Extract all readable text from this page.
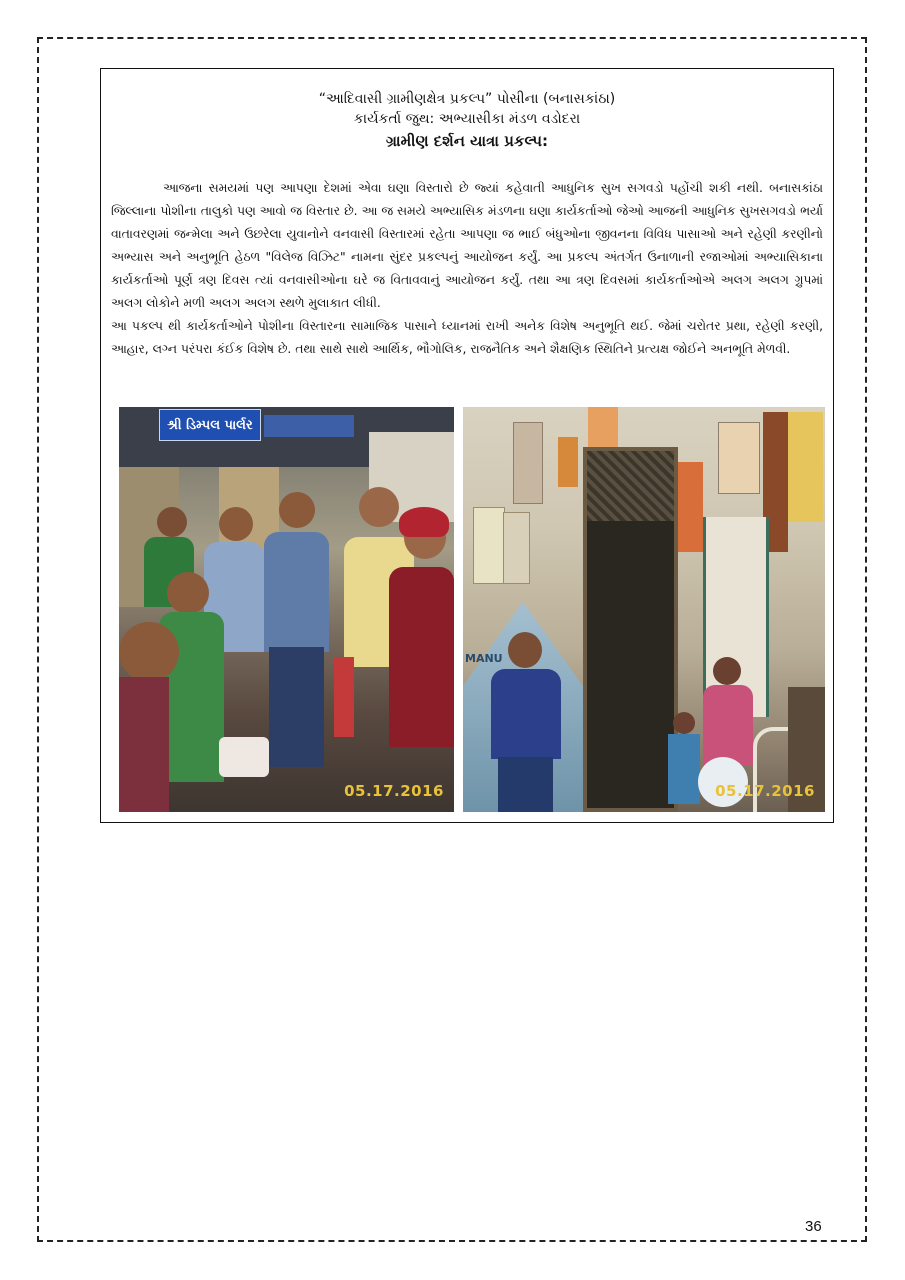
“આદિવાસી ગ્રામીણક્ષેત્ર પ્રકલ્પ” પોસીના (બનાસકાંઠા)
કાર્યકર્તા જુથ: અભ્યાસીકા મંડળ વડોદરા
ગ્રામીણ દર્શન યાત્રા પ્રકલ્પ:

આજના સમયમાં પણ આપણા દેશમાં એવા ઘણા વિસ્તારો છે જ્યાં કહેવાતી આધુનિક સુખ સગવડો પહોંચી શકી નથી. બનાસકાંઠા જિલ્લાના પોશીના તાલુકો પણ આવો જ વિસ્તાર છે. આ જ સમયે અભ્યાસિક મંડળના ઘણા કાર્યકર્તાઓ જેઓ આજની આધુનિક સુખસગવડો ભર્યા વાતાવરણમાં જન્મેલા અને ઉછરેલા યુવાનોને વનવાસી વિસ્તારમાં રહેતા આપણા જ ભાઈ બંધુઓના જીવનના વિવિધ પાસાઓ અને રહેણી કરણીનો અભ્યાસ અને અનુભૂતિ હેઠળ "વિલેજ વિઝિટ" નામના સુંદર પ્રકલ્પનું આયોજન કર્યું. આ પ્રકલ્પ અંતર્ગત ઉનાળાની રજાઓમાં અભ્યાસિકાના કાર્યકર્તાઓ પૂર્ણ ત્રણ દિવસ ત્યાં વનવાસીઓના ઘરે જ વિતાવવાનું આયોજન કર્યું. તથા આ ત્રણ દિવસમાં કાર્યકર્તાઓએ અલગ અલગ ગ્રુપમાં અલગ લોકોને મળી અલગ અલગ સ્થળે મુલાકાત લીધી.

આ પકલ્પ થી કાર્યકર્તાઓને પોશીના વિસ્તારના સામાજિક પાસાને ધ્યાનમાં રાખી અનેક વિશેષ અનુભૂતિ થઈ. જેમાં ચરોતર પ્રથા, રહેણી કરણી, આહાર, લગ્ન પરંપરા કંઈક વિશેષ છે. તથા સાથે સાથે આર્થિક, ભૌગોલિક, રાજનૈતિક અને શૈક્ષણિક સ્થિતિને પ્રત્યક્ષ જોઈને અનભૂતિ મેળવી.

શ્રી ડિમ્પલ પાર્લર
05.17.2016
MANU
05.17.2016
36
